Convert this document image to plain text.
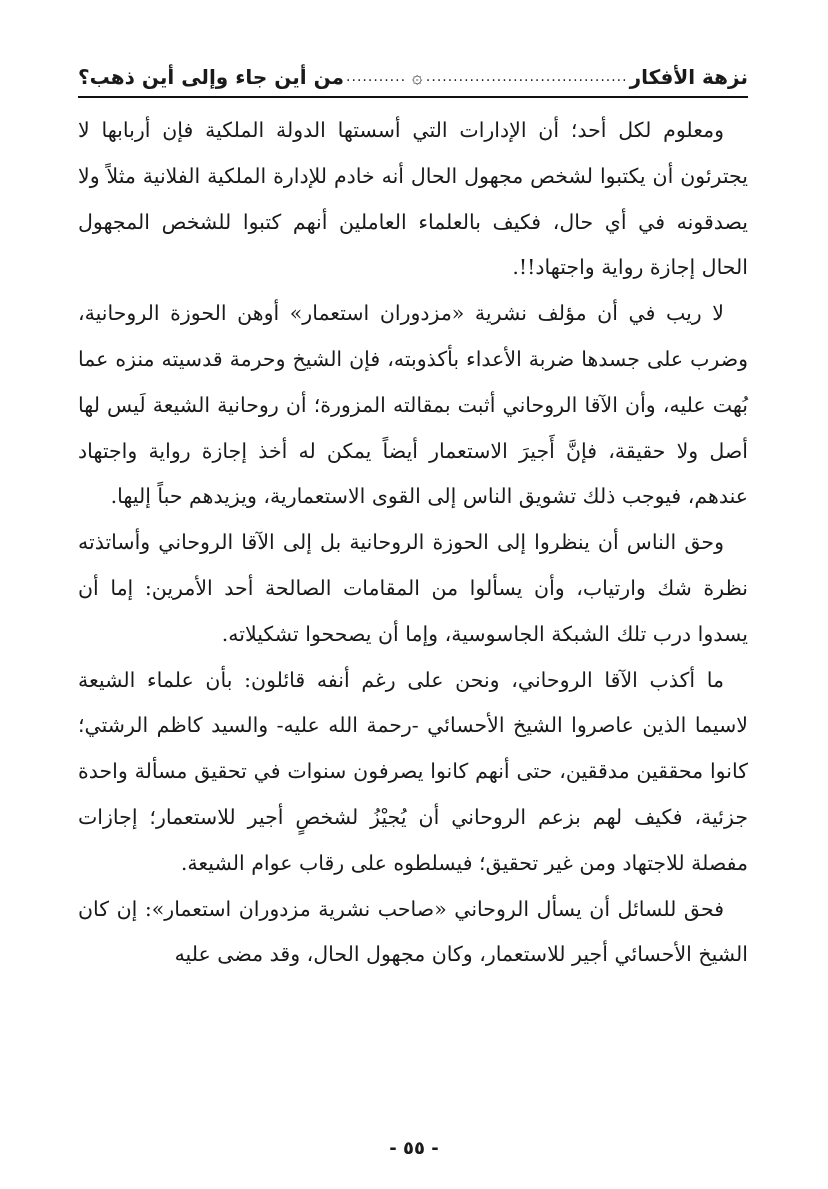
نزهة الأفكار
.....
۞
.....
من أين جاء وإلى أين ذهب؟

ومعلوم لكل أحد؛ أن الإدارات التي أسستها الدولة الملكية فإن أربابها لا يجترئون أن يكتبوا لشخص مجهول الحال أنه خادم للإدارة الملكية الفلانية مثلاً ولا يصدقونه في أي حال، فكيف بالعلماء العاملين أنهم كتبوا للشخص المجهول الحال إجازة رواية واجتهاد!!.

لا ريب في أن مؤلف نشرية «مزدوران استعمار» أوهن الحوزة الروحانية، وضرب على جسدها ضربة الأعداء بأكذوبته، فإن الشيخ وحرمة قدسيته منزه عما بُهت عليه، وأن الآقا الروحاني أثبت بمقالته المزورة؛ أن روحانية الشيعة لَيس لها أصل ولا حقيقة، فإنَّ أَجيرَ الاستعمار أيضاً يمكن له أخذ إجازة رواية واجتهاد عندهم، فيوجب ذلك تشويق الناس إلى القوى الاستعمارية، ويزيدهم حباً إليها.

وحق الناس أن ينظروا إلى الحوزة الروحانية بل إلى الآقا الروحاني وأساتذته نظرة شك وارتياب، وأن يسألوا من المقامات الصالحة أحد الأمرين: إما أن يسدوا درب تلك الشبكة الجاسوسية، وإما أن يصححوا تشكيلاته.

ما أكذب الآقا الروحاني، ونحن على رغم أنفه قائلون: بأن علماء الشيعة لاسيما الذين عاصروا الشيخ الأحسائي -رحمة الله عليه- والسيد كاظم الرشتي؛ كانوا محققين مدققين، حتى أنهم كانوا يصرفون سنوات في تحقيق مسألة واحدة جزئية، فكيف لهم بزعم الروحاني أن يُجيْزُ لشخصٍ أجير للاستعمار؛ إجازات مفصلة للاجتهاد ومن غير تحقيق؛ فيسلطوه على رقاب عوام الشيعة.

فحق للسائل أن يسأل الروحاني «صاحب نشرية مزدوران استعمار»: إن كان الشيخ الأحسائي أجير للاستعمار، وكان مجهول الحال، وقد مضى عليه

- ٥٥ -
